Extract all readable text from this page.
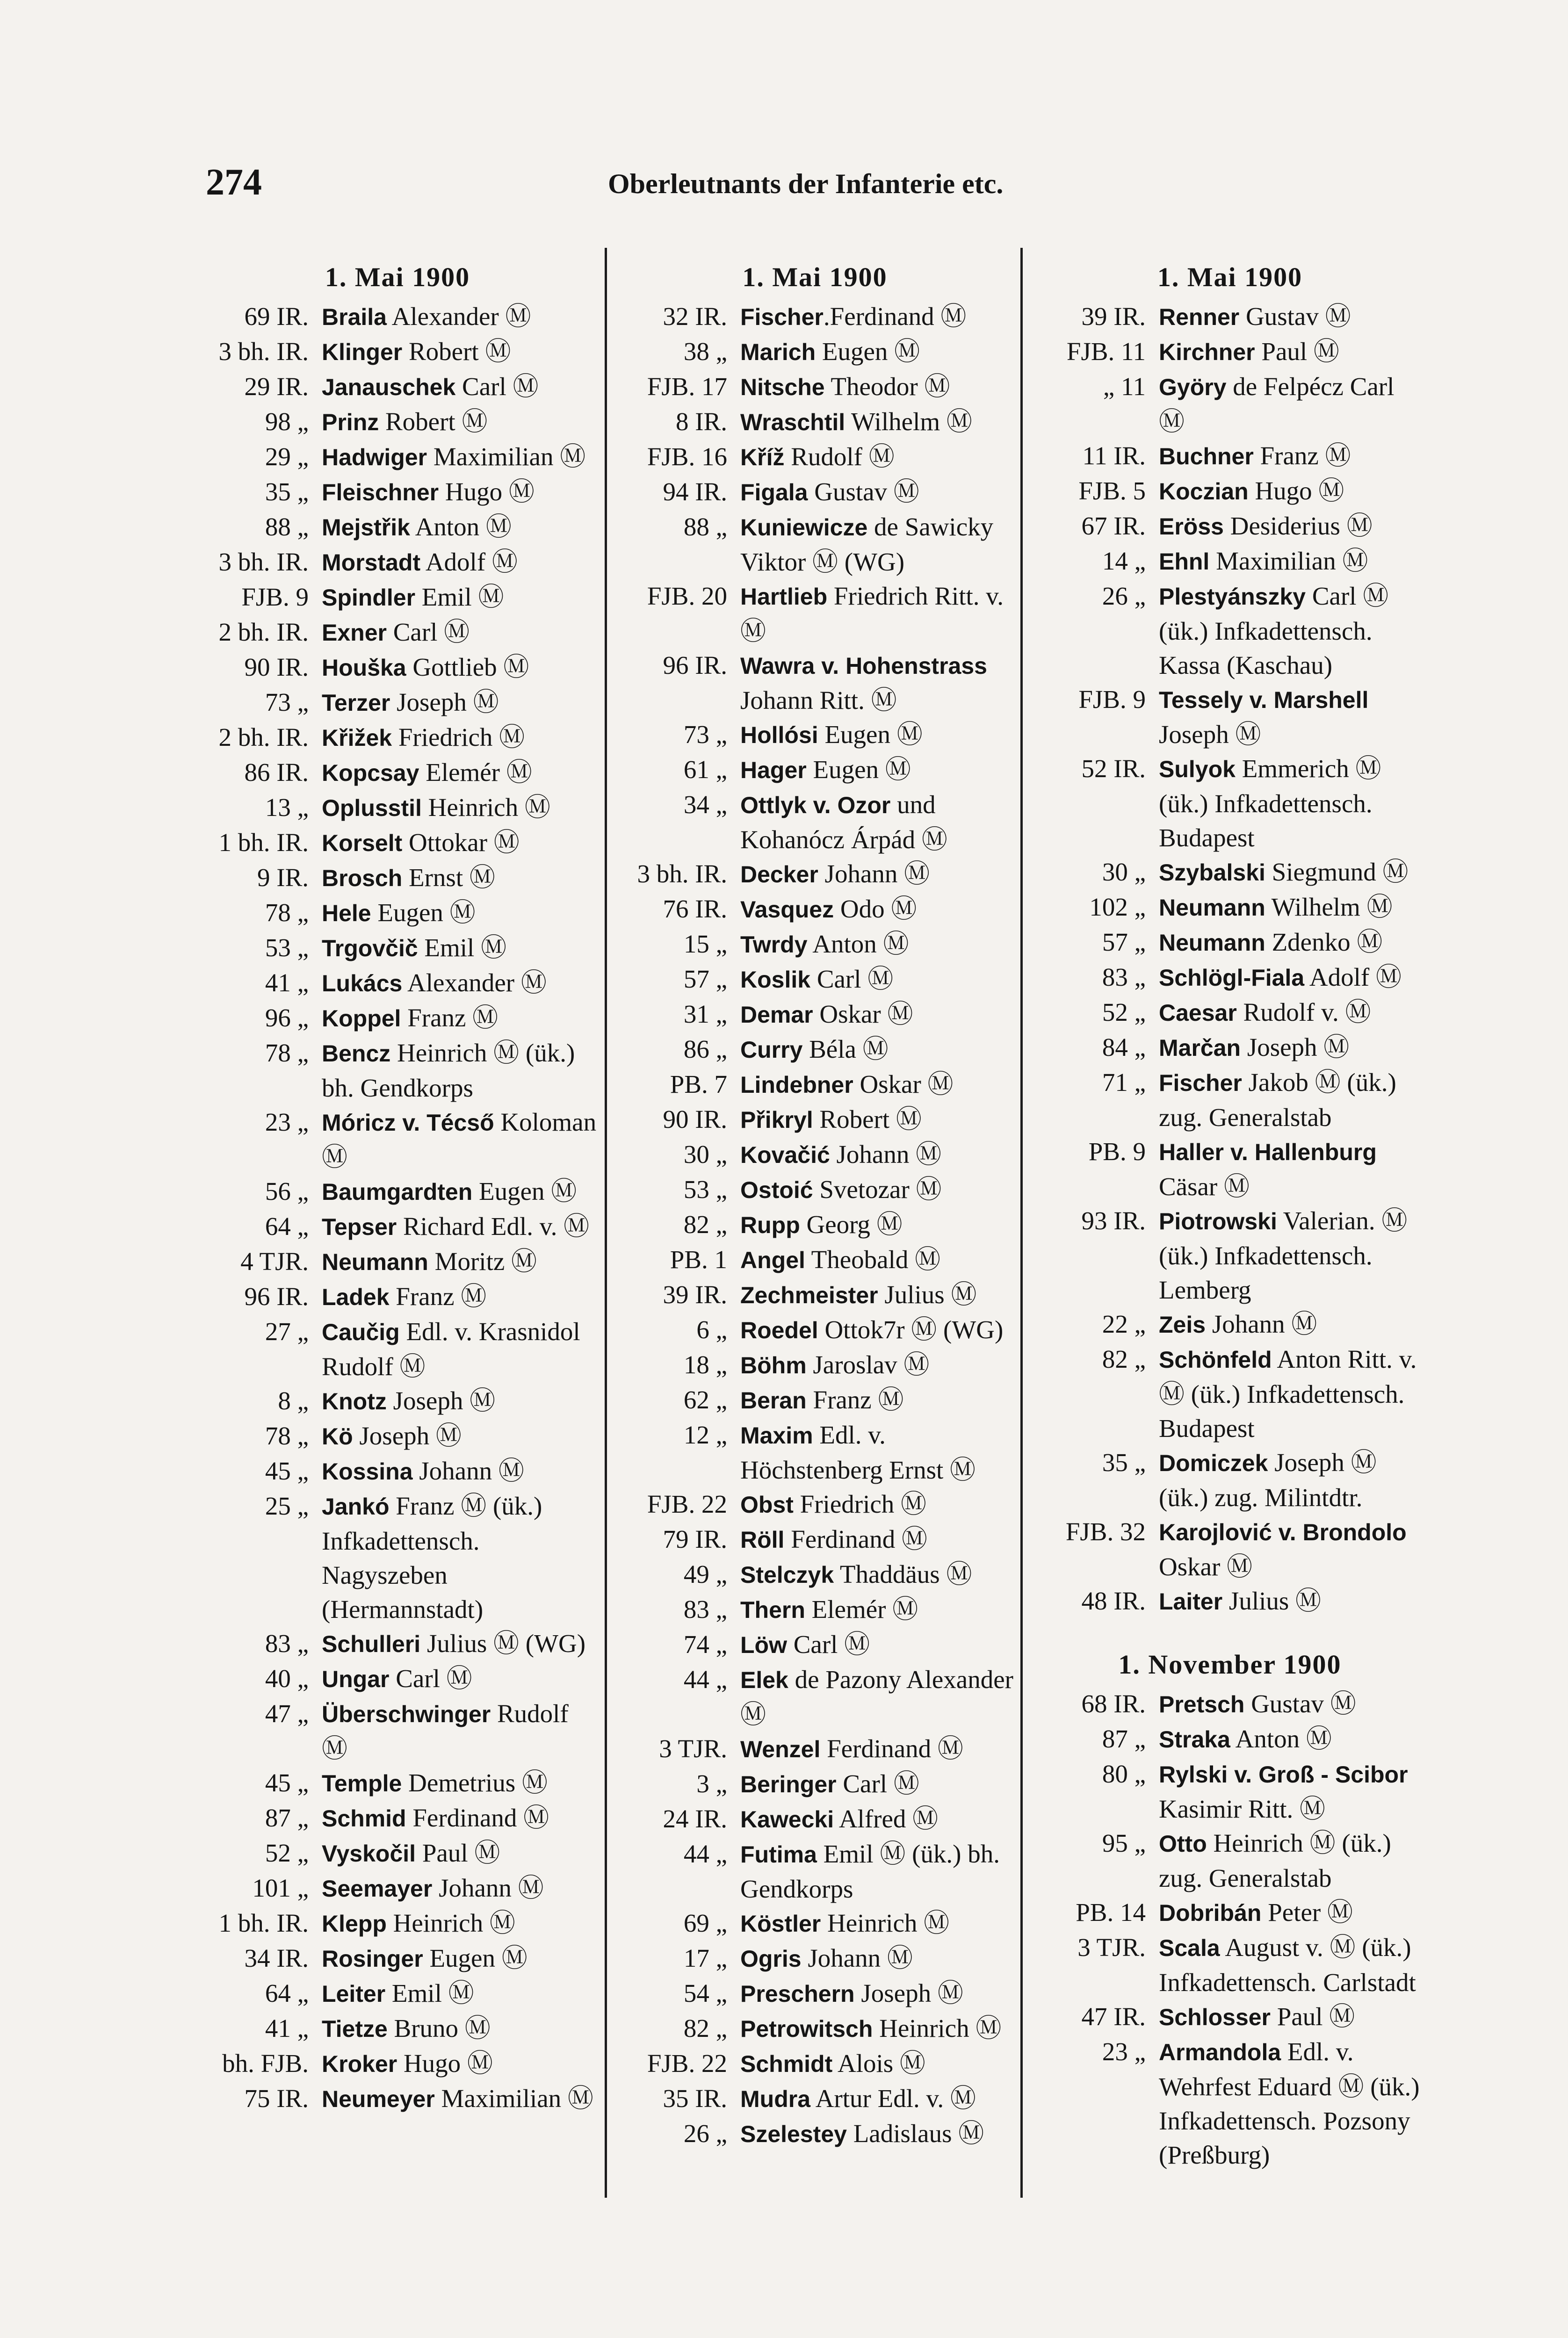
274	Oberleutnants der Infanterie etc.
1. Mai 1900
69 IR. Braila Alexander Ⓜ
3 bh. IR. Klinger Robert Ⓜ
29 IR. Janauschek Carl Ⓜ
98 „ Prinz Robert Ⓜ
29 „ Hadwiger Maximilian Ⓜ
35 „ Fleischner Hugo Ⓜ
88 „ Mejstřik Anton Ⓜ
3 bh. IR. Morstadt Adolf Ⓜ
FJB. 9 Spindler Emil Ⓜ
2 bh. IR. Exner Carl Ⓜ
90 IR. Houška Gottlieb Ⓜ
73 „ Terzer Joseph Ⓜ
2 bh. IR. Křižek Friedrich Ⓜ
86 IR. Kopcsay Elemér Ⓜ
13 „ Oplusstil Heinrich Ⓜ
1 bh. IR. Korselt Ottokar Ⓜ
9 IR. Brosch Ernst Ⓜ
78 „ Hele Eugen Ⓜ
53 „ Trgovčič Emil Ⓜ
41 „ Lukács Alexander Ⓜ
96 „ Koppel Franz Ⓜ
78 „ Bencz Heinrich Ⓜ (ük.) bh. Gendkorps
23 „ Móricz v. Técső Koloman Ⓜ
56 „ Baumgardten Eugen Ⓜ
64 „ Tepser Richard Edl. v. Ⓜ
4 TJR. Neumann Moritz Ⓜ
96 IR. Ladek Franz Ⓜ
27 „ Caučig Edl. v. Krasnidol Rudolf Ⓜ
8 „ Knotz Joseph Ⓜ
78 „ Kö Joseph Ⓜ
45 „ Kossina Johann Ⓜ
25 „ Jankó Franz Ⓜ (ük.) Infkadettensch. Nagyszeben (Hermannstadt)
83 „ Schulleri Julius Ⓜ (WG)
40 „ Ungar Carl Ⓜ
47 „ Überschwinger Rudolf Ⓜ
45 „ Temple Demetrius Ⓜ
87 „ Schmid Ferdinand Ⓜ
52 „ Vyskočil Paul Ⓜ
101 „ Seemayer Johann Ⓜ
1 bh. IR. Klepp Heinrich Ⓜ
34 IR. Rosinger Eugen Ⓜ
64 „ Leiter Emil Ⓜ
41 „ Tietze Bruno Ⓜ
bh. FJB. Kroker Hugo Ⓜ
75 IR. Neumeyer Maximilian Ⓜ
1. Mai 1900
32 IR. Fischer.Ferdinand Ⓜ
38 „ Marich Eugen Ⓜ
FJB. 17 Nitsche Theodor Ⓜ
8 IR. Wraschtil Wilhelm Ⓜ
FJB. 16 Kříž Rudolf Ⓜ
94 IR. Figala Gustav Ⓜ
88 „ Kuniewicze de Sawicky Viktor Ⓜ (WG)
FJB. 20 Hartlieb Friedrich Ritt. v. Ⓜ
96 IR. Wawra v. Hohenstrass Johann Ritt. Ⓜ
73 „ Hollósi Eugen Ⓜ
61 „ Hager Eugen Ⓜ
34 „ Ottlyk v. Ozor und Kohanócz Árpád Ⓜ
3 bh. IR. Decker Johann Ⓜ
76 IR. Vasquez Odo Ⓜ
15 „ Twrdy Anton Ⓜ
57 „ Koslik Carl Ⓜ
31 „ Demar Oskar Ⓜ
86 „ Curry Béla Ⓜ
PB. 7 Lindebner Oskar Ⓜ
90 IR. Přikryl Robert Ⓜ
30 „ Kovačić Johann Ⓜ
53 „ Ostoić Svetozar Ⓜ
82 „ Rupp Georg Ⓜ
PB. 1 Angel Theobald Ⓜ
39 IR. Zechmeister Julius Ⓜ
6 „ Roedel Ottok7r Ⓜ (WG)
18 „ Böhm Jaroslav Ⓜ
62 „ Beran Franz Ⓜ
12 „ Maxim Edl. v. Höchstenberg Ernst Ⓜ
FJB. 22 Obst Friedrich Ⓜ
79 IR. Röll Ferdinand Ⓜ
49 „ Stelczyk Thaddäus Ⓜ
83 „ Thern Elemér Ⓜ
74 „ Löw Carl Ⓜ
44 „ Elek de Pazony Alexander Ⓜ
3 TJR. Wenzel Ferdinand Ⓜ
3 „ Beringer Carl Ⓜ
24 IR. Kawecki Alfred Ⓜ
44 „ Futima Emil Ⓜ (ük.) bh. Gendkorps
69 „ Köstler Heinrich Ⓜ
17 „ Ogris Johann Ⓜ
54 „ Preschern Joseph Ⓜ
82 „ Petrowitsch Heinrich Ⓜ
FJB. 22 Schmidt Alois Ⓜ
35 IR. Mudra Artur Edl. v. Ⓜ
26 „ Szelestey Ladislaus Ⓜ
1. Mai 1900
39 IR. Renner Gustav Ⓜ
FJB. 11 Kirchner Paul Ⓜ
„ 11 Györy de Felpécz Carl Ⓜ
11 IR. Buchner Franz Ⓜ
FJB. 5 Koczian Hugo Ⓜ
67 IR. Eröss Desiderius Ⓜ
14 „ Ehnl Maximilian Ⓜ
26 „ Plestyánszky Carl Ⓜ (ük.) Infkadettensch. Kassa (Kaschau)
FJB. 9 Tessely v. Marshell Joseph Ⓜ
52 IR. Sulyok Emmerich Ⓜ (ük.) Infkadettensch. Budapest
30 „ Szybalski Siegmund Ⓜ
102 „ Neumann Wilhelm Ⓜ
57 „ Neumann Zdenko Ⓜ
83 „ Schlögl-Fiala Adolf Ⓜ
52 „ Caesar Rudolf v. Ⓜ
84 „ Marčan Joseph Ⓜ
71 „ Fischer Jakob Ⓜ (ük.) zug. Generalstab
PB. 9 Haller v. Hallenburg Cäsar Ⓜ
93 IR. Piotrowski Valerian. Ⓜ (ük.) Infkadettensch. Lemberg
22 „ Zeis Johann Ⓜ
82 „ Schönfeld Anton Ritt. v. Ⓜ (ük.) Infkadettensch. Budapest
35 „ Domiczek Joseph Ⓜ (ük.) zug. Milintdtr.
FJB. 32 Karojlović v. Brondolo Oskar Ⓜ
48 IR. Laiter Julius Ⓜ
1. November 1900
68 IR. Pretsch Gustav Ⓜ
87 „ Straka Anton Ⓜ
80 „ Rylski v. Groß - Scibor Kasimir Ritt. Ⓜ
95 „ Otto Heinrich Ⓜ (ük.) zug. Generalstab
PB. 14 Dobribán Peter Ⓜ
3 TJR. Scala August v. Ⓜ (ük.) Infkadettensch. Carlstadt
47 IR. Schlosser Paul Ⓜ
23 „ Armandola Edl. v. Wehrfest Eduard Ⓜ (ük.) Infkadettensch. Pozsony (Preßburg)
